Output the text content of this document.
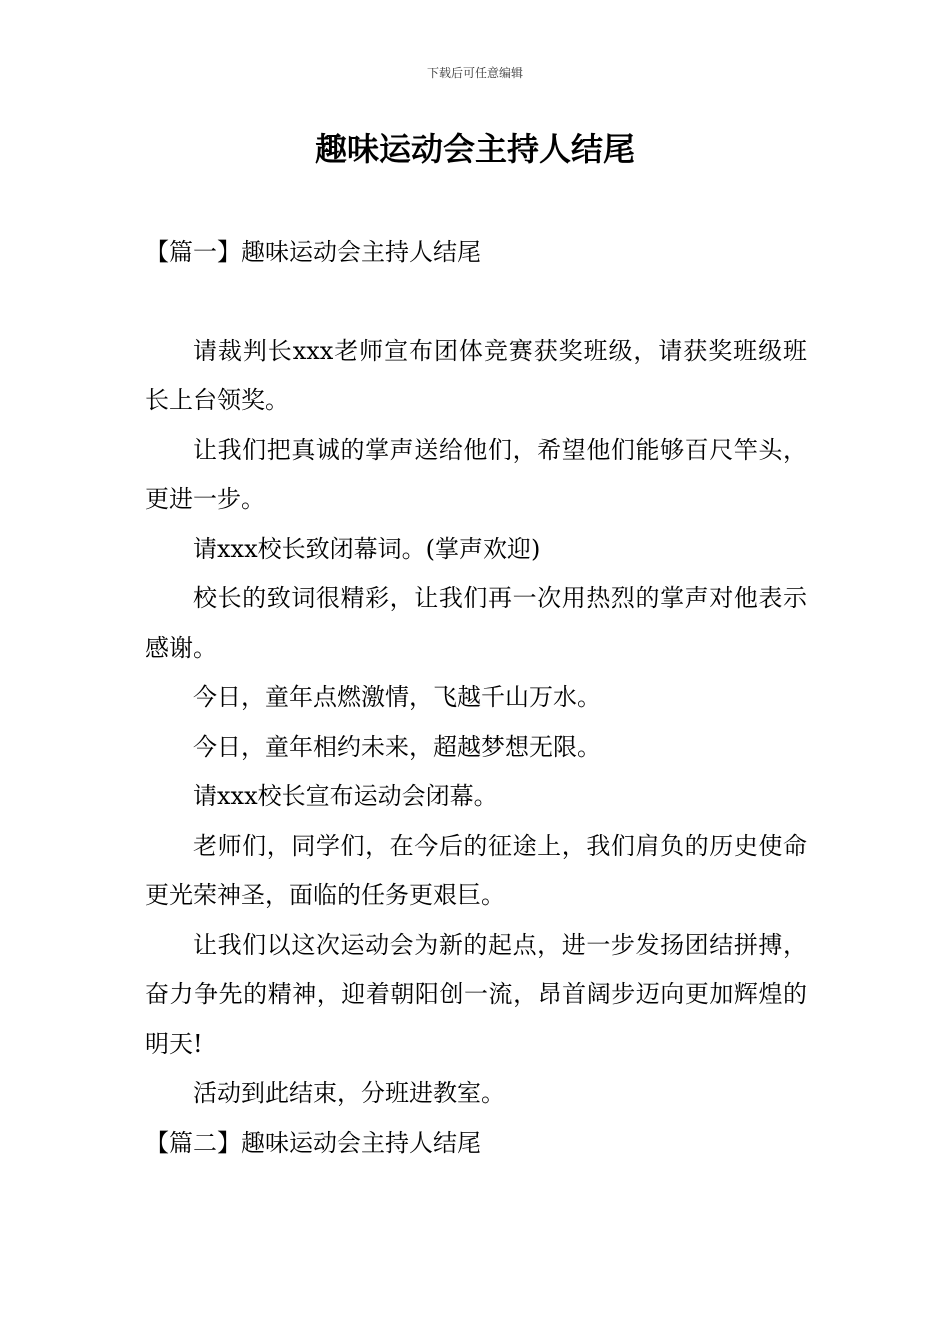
下载后可任意编辑
趣味运动会主持人结尾
【篇一】趣味运动会主持人结尾

请裁判长xxx老师宣布团体竞赛获奖班级，请获奖班级班长上台领奖。

让我们把真诚的掌声送给他们，希望他们能够百尺竿头，更进一步。

请xxx校长致闭幕词。(掌声欢迎)

校长的致词很精彩，让我们再一次用热烈的掌声对他表示感谢。

今日，童年点燃激情，飞越千山万水。

今日，童年相约未来，超越梦想无限。

请xxx校长宣布运动会闭幕。

老师们，同学们，在今后的征途上，我们肩负的历史使命更光荣神圣，面临的任务更艰巨。

让我们以这次运动会为新的起点，进一步发扬团结拼搏，奋力争先的精神，迎着朝阳创一流，昂首阔步迈向更加辉煌的明天!

活动到此结束，分班进教室。

【篇二】趣味运动会主持人结尾
